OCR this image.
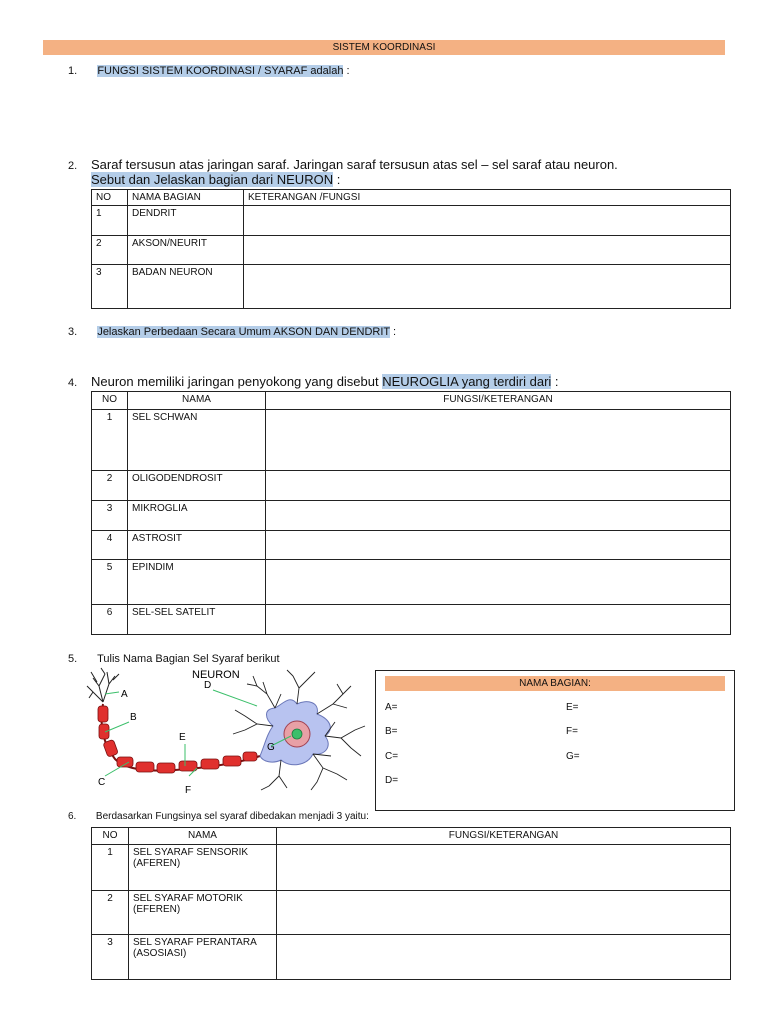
SISTEM KOORDINASI
1. FUNGSI SISTEM KOORDINASI / SYARAF adalah :
2. Saraf tersusun atas jaringan saraf. Jaringan saraf tersusun atas sel – sel saraf atau neuron.
Sebut dan Jelaskan bagian dari NEURON :
NO	NAMA BAGIAN	KETERANGAN /FUNGSI
1	DENDRIT	
2	AKSON/NEURIT	
3	BADAN NEURON	
3. Jelaskan Perbedaan Secara Umum AKSON DAN DENDRIT :
4. Neuron memiliki jaringan penyokong yang disebut NEUROGLIA yang terdiri dari :
NO	NAMA	FUNGSI/KETERANGAN
1	SEL SCHWAN	
2	OLIGODENDROSIT	
3	MIKROGLIA	
4	ASTROSIT	
5	EPINDIM	
6	SEL-SEL SATELIT	
5. Tulis Nama Bagian Sel Syaraf berikut
NEURON
A
B
C
D
E
F
G
NAMA BAGIAN:
A=
B=
C=
D=
E=
F=
G=
6. Berdasarkan Fungsinya sel syaraf dibedakan menjadi 3 yaitu:
NO	NAMA	FUNGSI/KETERANGAN
1	SEL SYARAF SENSORIK
(AFEREN)	

2	SEL SYARAF MOTORIK
(EFEREN)	

3	SEL SYARAF PERANTARA
(ASOSIASI)	
